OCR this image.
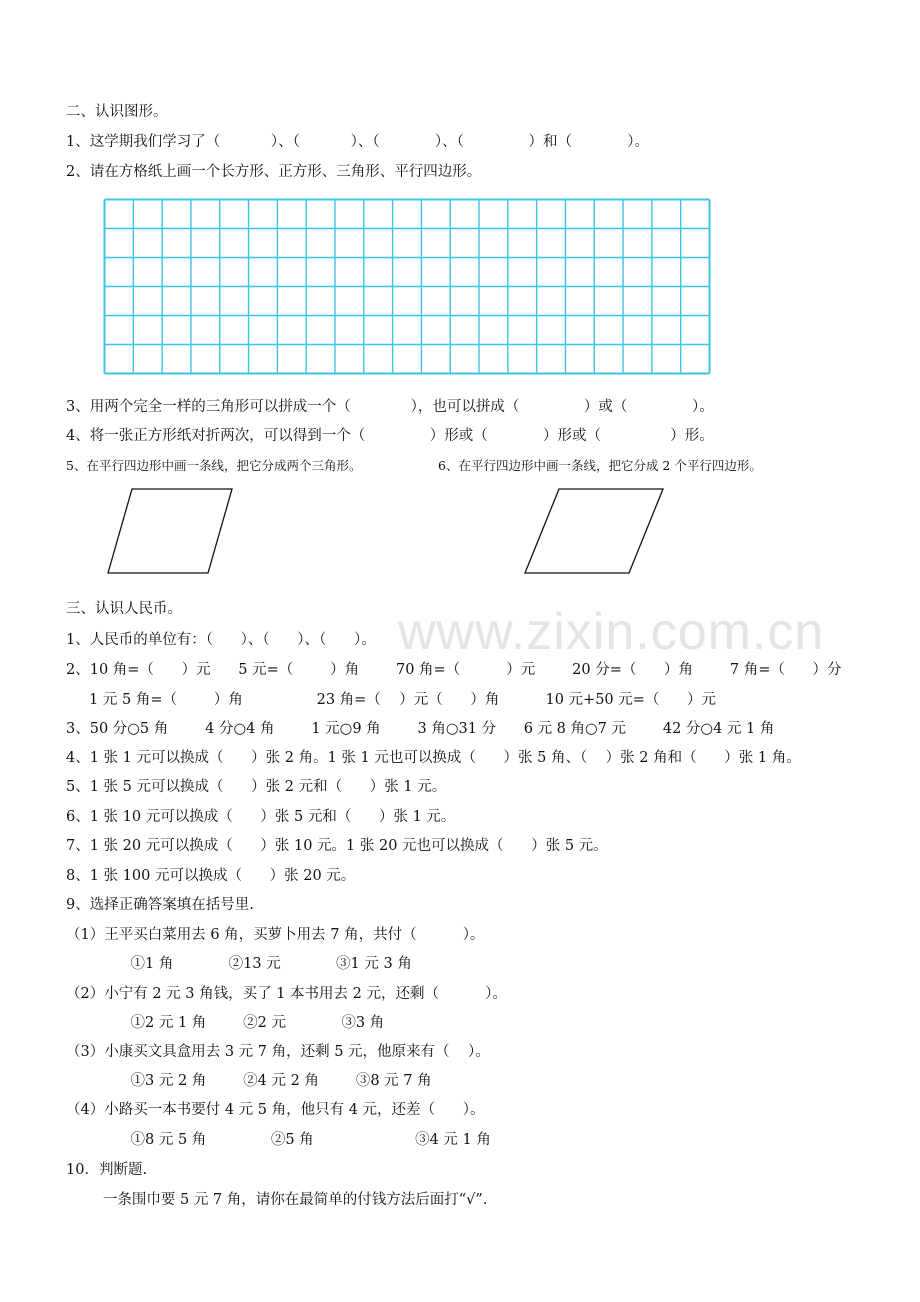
www.zixin.com.cn
二、认识图形。
1、这学期我们学习了（           ）、（           ）、（            ）、（              ）和（            ）。
2、请在方格纸上画一个长方形、正方形、三角形、平行四边形。
3、用两个完全一样的三角形可以拼成一个（             ），也可以拼成（              ）或（              ）。
4、将一张正方形纸对折两次，可以得到一个（              ）形或（            ）形或（               ）形。
5、在平行四边形中画一条线，把它分成两个三角形。	6、在平行四边形中画一条线，把它分成 2 个平行四边形。
三、认识人民币。
1、人民币的单位有：（      ）、（      ）、（      ）。
2、10 角=（      ）元      5 元=（        ）角        70 角=（          ）元        20 分=（      ）角        7 角=（      ）分
1 元 5 角=（        ）角                23 角=（    ）元（      ）角          10 元+50 元=（      ）元
3、50 分○5 角        4 分○4 角        1 元○9 角        3 角○31 分      6 元 8 角○7 元        42 分○4 元 1 角
4、1 张 1 元可以换成（      ）张 2 角。1 张 1 元也可以换成（      ）张 5 角、（    ）张 2 角和（      ）张 1 角。
5、1 张 5 元可以换成（      ）张 2 元和（      ）张 1 元。
6、1 张 10 元可以换成（      ）张 5 元和（      ）张 1 元。
7、1 张 20 元可以换成（      ）张 10 元。1 张 20 元也可以换成（      ）张 5 元。
8、1 张 100 元可以换成（      ）张 20 元。
9、选择正确答案填在括号里.
（1）王平买白菜用去 6 角，买萝卜用去 7 角，共付（          ）。
①1 角            ②13 元            ③1 元 3 角
（2）小宁有 2 元 3 角钱，买了 1 本书用去 2 元，还剩（          ）。
①2 元 1 角        ②2 元            ③3 角
（3）小康买文具盒用去 3 元 7 角，还剩 5 元，他原来有（    ）。
①3 元 2 角        ②4 元 2 角        ③8 元 7 角
（4）小路买一本书要付 4 元 5 角，他只有 4 元，还差（      ）。
①8 元 5 角              ②5 角                      ③4 元 1 角
10．判断题.
一条围巾要 5 元 7 角，请你在最简单的付钱方法后面打“√”.
